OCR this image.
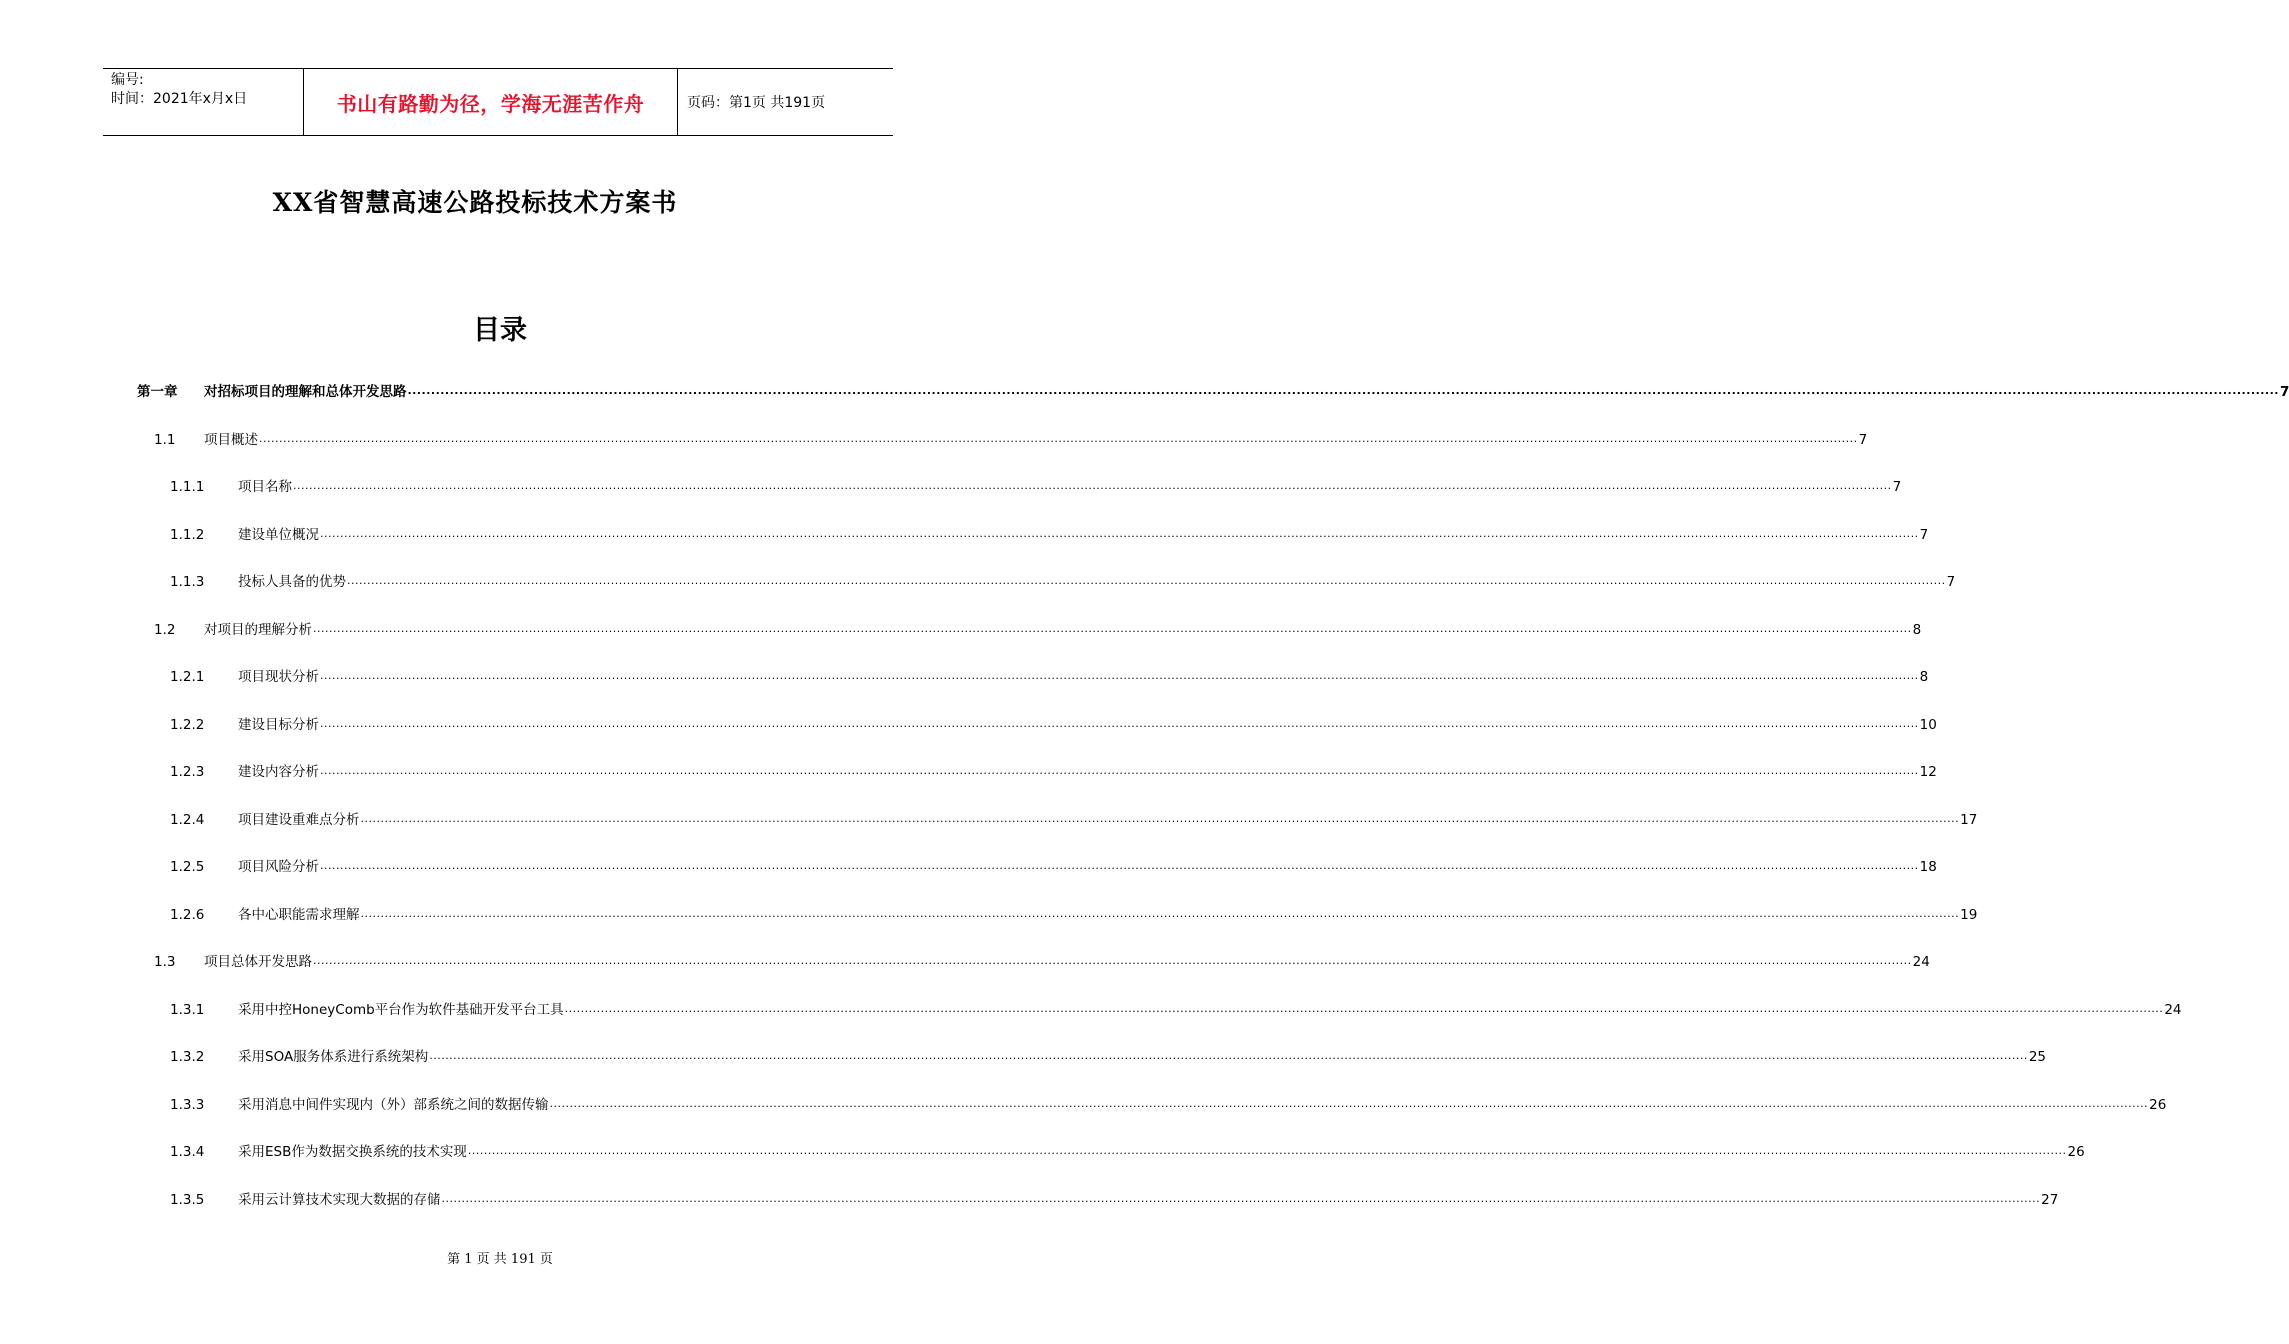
编号:
时间：2021年x月x日	书山有路勤为径，学海无涯苦作舟	页码：第1页 共191页
XX省智慧高速公路投标技术方案书
目录
第一章	对招标项目的理解和总体开发思路 ................................................................................................................................................................................................................................................................................................................................................................................................................ 7
1.1	项目概述 ................................................................................................................................................................................................................................................................................................................................................................................................................ 7
1.1.1	项目名称 ................................................................................................................................................................................................................................................................................................................................................................................................................ 7
1.1.2	建设单位概况 ................................................................................................................................................................................................................................................................................................................................................................................................................ 7
1.1.3	投标人具备的优势 ................................................................................................................................................................................................................................................................................................................................................................................................................ 7
1.2	对项目的理解分析 ................................................................................................................................................................................................................................................................................................................................................................................................................ 8
1.2.1	项目现状分析 ................................................................................................................................................................................................................................................................................................................................................................................................................ 8
1.2.2	建设目标分析 ................................................................................................................................................................................................................................................................................................................................................................................................................ 10
1.2.3	建设内容分析 ................................................................................................................................................................................................................................................................................................................................................................................................................ 12
1.2.4	项目建设重难点分析 ................................................................................................................................................................................................................................................................................................................................................................................................................ 17
1.2.5	项目风险分析 ................................................................................................................................................................................................................................................................................................................................................................................................................ 18
1.2.6	各中心职能需求理解 ................................................................................................................................................................................................................................................................................................................................................................................................................ 19
1.3	项目总体开发思路 ................................................................................................................................................................................................................................................................................................................................................................................................................ 24
1.3.1	采用中控HoneyComb平台作为软件基础开发平台工具 ................................................................................................................................................................................................................................................................................................................................................................................................................ 24
1.3.2	采用SOA服务体系进行系统架构 ................................................................................................................................................................................................................................................................................................................................................................................................................ 25
1.3.3	采用消息中间件实现内（外）部系统之间的数据传输 ................................................................................................................................................................................................................................................................................................................................................................................................................ 26
1.3.4	采用ESB作为数据交换系统的技术实现 ................................................................................................................................................................................................................................................................................................................................................................................................................ 26
1.3.5	采用云计算技术实现大数据的存储 ................................................................................................................................................................................................................................................................................................................................................................................................................ 27
第 1 页 共 191 页
